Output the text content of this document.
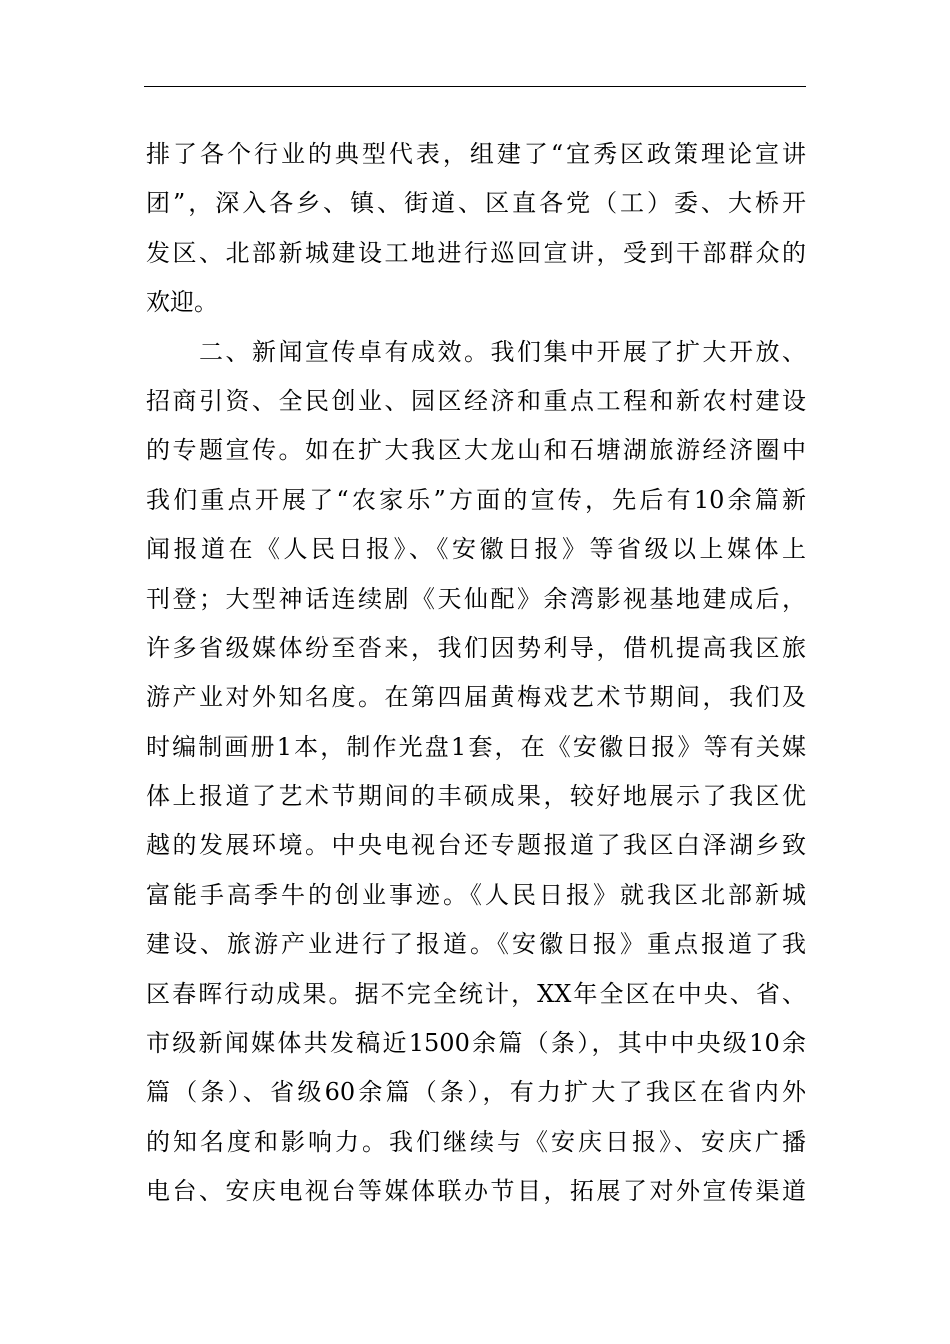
排了各个行业的典型代表，组建了“宜秀区政策理论宣讲
团”，深入各乡、镇、街道、区直各党（工）委、大桥开
发区、北部新城建设工地进行巡回宣讲，受到干部群众的
欢迎。
　　二、新闻宣传卓有成效。我们集中开展了扩大开放、
招商引资、全民创业、园区经济和重点工程和新农村建设
的专题宣传。如在扩大我区大龙山和石塘湖旅游经济圈中
我们重点开展了“农家乐”方面的宣传，先后有10余篇新
闻报道在《人民日报》、《安徽日报》等省级以上媒体上
刊登；大型神话连续剧《天仙配》余湾影视基地建成后，
许多省级媒体纷至沓来，我们因势利导，借机提高我区旅
游产业对外知名度。在第四届黄梅戏艺术节期间，我们及
时编制画册1本，制作光盘1套，在《安徽日报》等有关媒
体上报道了艺术节期间的丰硕成果，较好地展示了我区优
越的发展环境。中央电视台还专题报道了我区白泽湖乡致
富能手高季牛的创业事迹。《人民日报》就我区北部新城
建设、旅游产业进行了报道。《安徽日报》重点报道了我
区春晖行动成果。据不完全统计，XX年全区在中央、省、
市级新闻媒体共发稿近1500余篇（条），其中中央级10余
篇（条）、省级60余篇（条），有力扩大了我区在省内外
的知名度和影响力。我们继续与《安庆日报》、安庆广播
电台、安庆电视台等媒体联办节目，拓展了对外宣传渠道
